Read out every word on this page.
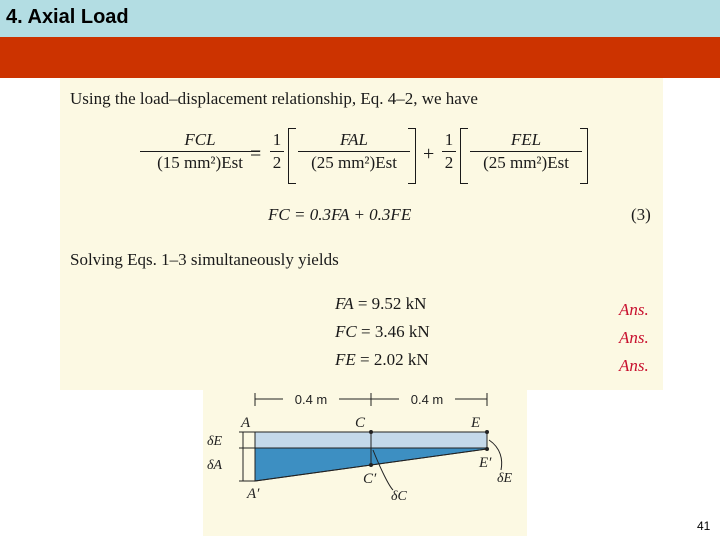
4. Axial Load
Using the load–displacement relationship, Eq. 4–2, we have
FCL
(15 mm²)Est =
1
2
FAL
(25 mm²)Est	+
1
2
FEL
(25 mm²)Est
FC = 0.3FA + 0.3FE	(3)
Solving Eqs. 1–3 simultaneously yields
FA = 9.52 kN
FC = 3.46 kN
FE = 2.02 kN
Ans.
Ans.
Ans.
0.4 m	0.4 m
A	C	E
δE
δA
A′
C′
E′
δC
δE
41
